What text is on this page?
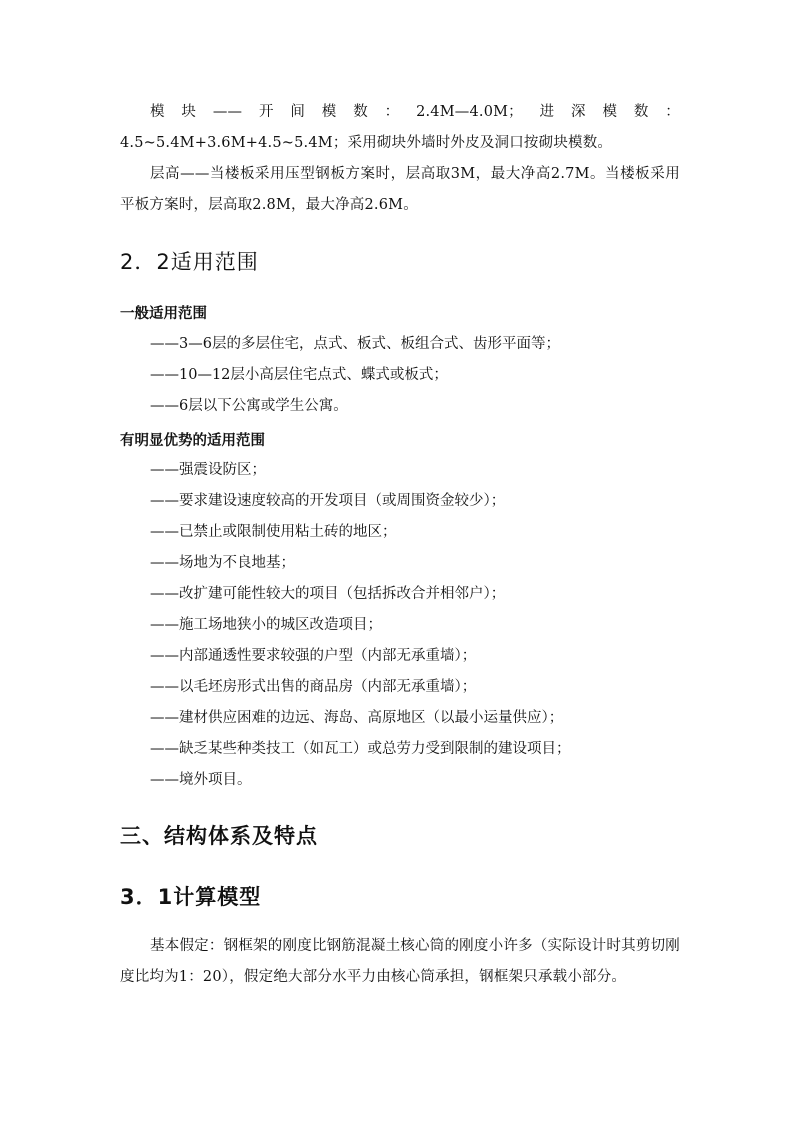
模块——开间模数：2.4M—4.0M；进深模数：4.5~5.4M+3.6M+4.5~5.4M；采用砌块外墙时外皮及洞口按砌块模数。

层高——当楼板采用压型钢板方案时，层高取3M，最大净高2.7M。当楼板采用平板方案时，层高取2.8M，最大净高2.6M。

2．2适用范围
一般适用范围
——3—6层的多层住宅，点式、板式、板组合式、齿形平面等；
——10—12层小高层住宅点式、蝶式或板式；
——6层以下公寓或学生公寓。
有明显优势的适用范围
——强震设防区；
——要求建设速度较高的开发项目（或周围资金较少）；
——已禁止或限制使用粘土砖的地区；
——场地为不良地基；
——改扩建可能性较大的项目（包括拆改合并相邻户）；
——施工场地狭小的城区改造项目；
——内部通透性要求较强的户型（内部无承重墙）；
——以毛坯房形式出售的商品房（内部无承重墙）；
——建材供应困难的边远、海岛、高原地区（以最小运量供应）；
——缺乏某些种类技工（如瓦工）或总劳力受到限制的建设项目；
——境外项目。
三、结构体系及特点
3．1计算模型

基本假定：钢框架的刚度比钢筋混凝土核心筒的刚度小许多（实际设计时其剪切刚度比均为1：20），假定绝大部分水平力由核心筒承担，钢框架只承载小部分。
